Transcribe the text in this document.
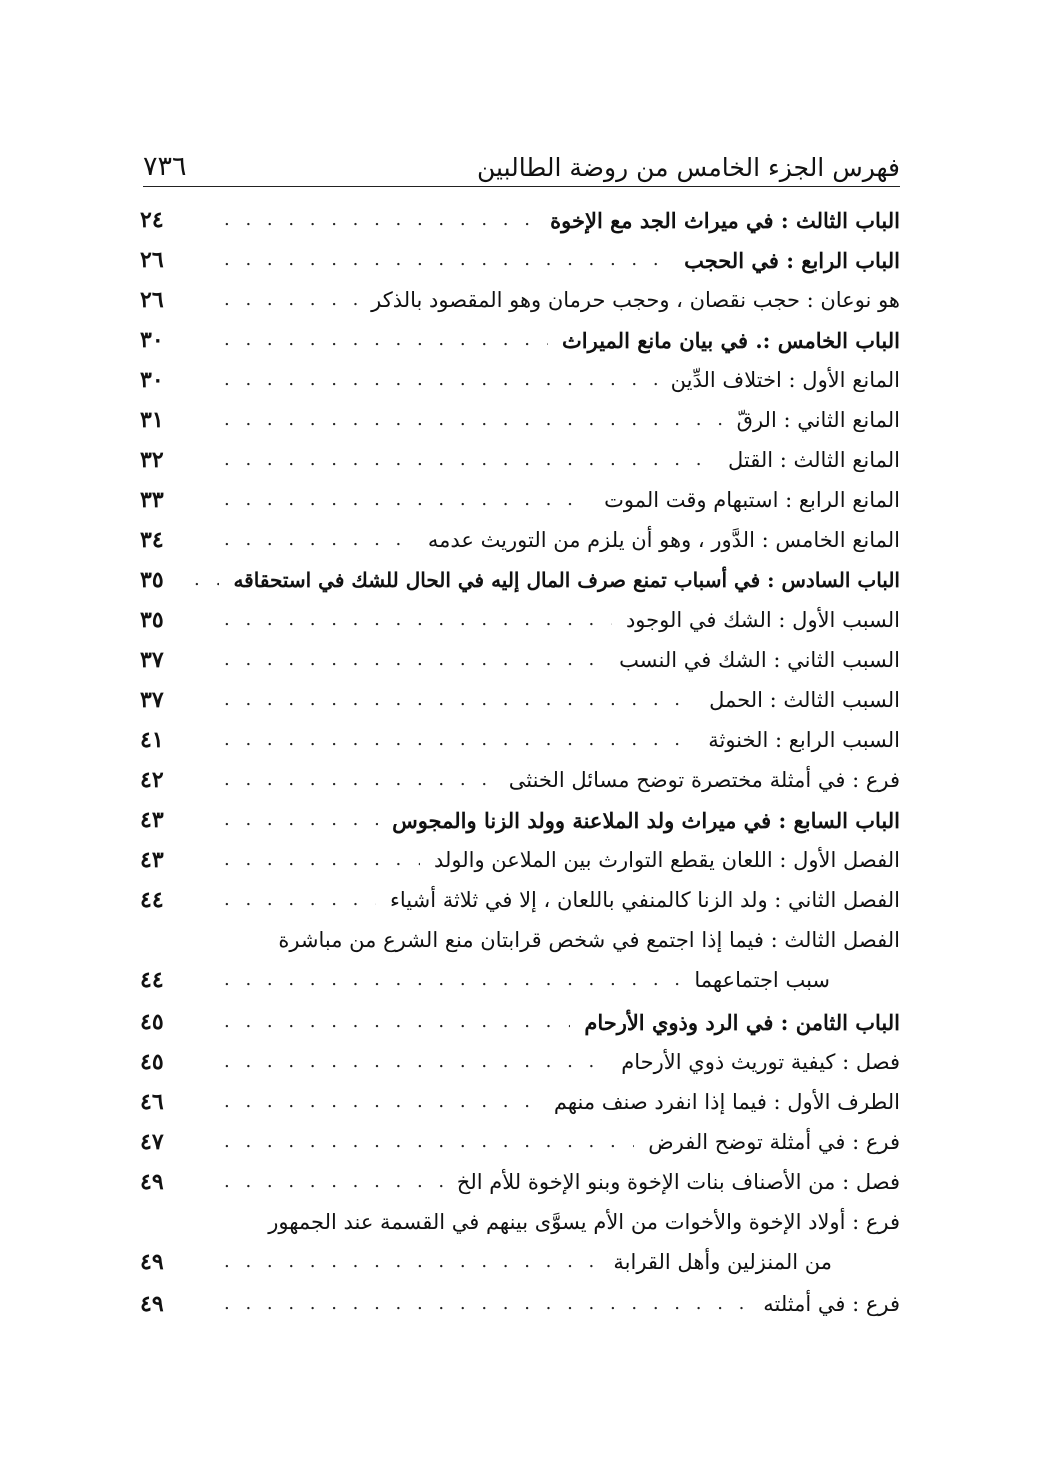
فهرس الجزء الخامس من روضة الطالبين
٧٣٦
الباب الثالث : في ميراث الجد مع الإخوة
. . .
٢٤
الباب الرابع : في الحجب
. . .
٢٦
هو نوعان : حجب نقصان ، وحجب حرمان وهو المقصود بالذكر
. . .
٢٦
الباب الخامس :. في بيان مانع الميراث
. . .
٣٠
المانع الأول : اختلاف الدِّين
. . .
٣٠
المانع الثاني : الرقّ
. . .
٣١
المانع الثالث : القتل
. . .
٣٢
المانع الرابع : استبهام وقت الموت
. . .
٣٣
المانع الخامس : الدَّور ، وهو أن يلزم من التوريث عدمه
. . .
٣٤
الباب السادس : في أسباب تمنع صرف المال إليه في الحال للشك في استحقاقه
. . .
٣٥
السبب الأول : الشك في الوجود
. . .
٣٥
السبب الثاني : الشك في النسب
. . .
٣٧
السبب الثالث : الحمل
. . .
٣٧
السبب الرابع : الخنوثة
. . .
٤١
فرع : في أمثلة مختصرة توضح مسائل الخنثى
. . .
٤٢
الباب السابع : في ميراث ولد الملاعنة وولد الزنا والمجوس
. . .
٤٣
الفصل الأول : اللعان يقطع التوارث بين الملاعن والولد
. . .
٤٣
الفصل الثاني : ولد الزنا كالمنفي باللعان ، إلا في ثلاثة أشياء
. . .
٤٤
الفصل الثالث : فيما إذا اجتمع في شخص قرابتان منع الشرع من مباشرة
سبب اجتماعهما
. . .
٤٤
الباب الثامن : في الرد وذوي الأرحام
. . .
٤٥
فصل : كيفية توريث ذوي الأرحام
. . .
٤٥
الطرف الأول : فيما إذا انفرد صنف منهم
. . .
٤٦
فرع : في أمثلة توضح الفرض
. . .
٤٧
فصل : من الأصناف بنات الإخوة وبنو الإخوة للأم الخ
. . .
٤٩
فرع : أولاد الإخوة والأخوات من الأم يسوَّى بينهم في القسمة عند الجمهور
من المنزلين وأهل القرابة
. . .
٤٩
فرع : في أمثلته
. . .
٤٩
